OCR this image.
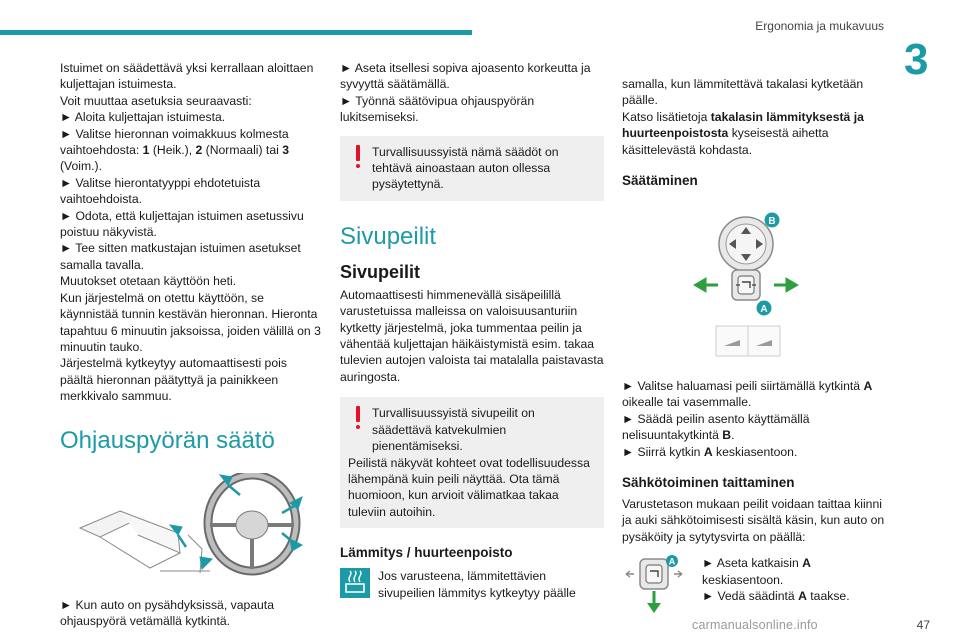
Ergonomia ja mukavuus
3
Istuimet on säädettävä yksi kerrallaan aloittaen kuljettajan istuimesta.
Voit muuttaa asetuksia seuraavasti:
► Aloita kuljettajan istuimesta.
► Valitse hieronnan voimakkuus kolmesta vaihtoehdosta: 1 (Heik.), 2 (Normaali) tai 3 (Voim.).
► Valitse hierontatyyppi ehdotetuista vaihtoehdoista.
► Odota, että kuljettajan istuimen asetussivu poistuu näkyvistä.
► Tee sitten matkustajan istuimen asetukset samalla tavalla.
Muutokset otetaan käyttöön heti.
Kun järjestelmä on otettu käyttöön, se käynnistää tunnin kestävän hieronnan. Hieronta tapahtuu 6 minuutin jaksoissa, joiden välillä on 3 minuutin tauko.
Järjestelmä kytkeytyy automaattisesti pois päältä hieronnan päätyttyä ja painikkeen merkkivalo sammuu.
Ohjauspyörän säätö
► Kun auto on pysähdyksissä, vapauta ohjauspyörä vetämällä kytkintä.
► Aseta itsellesi sopiva ajoasento korkeutta ja syvyyttä säätämällä.
► Työnnä säätövipua ohjauspyörän lukitsemiseksi.
Turvallisuussyistä nämä säädöt on tehtävä ainoastaan auton ollessa pysäytettynä.
Sivupeilit
Sivupeilit
Automaattisesti himmenevällä sisäpeilillä varustetuissa malleissa on valoisuusanturiin kytketty järjestelmä, joka tummentaa peilin ja vähentää kuljettajan häikäistymistä esim. takaa tulevien autojen valoista tai matalalla paistavasta auringosta.
Turvallisuussyistä sivupeilit on säädettävä katvekulmien pienentämiseksi.
Peilistä näkyvät kohteet ovat todellisuudessa lähempänä kuin peili näyttää. Ota tämä huomioon, kun arvioit välimatkaa takaa tuleviin autoihin.
Lämmitys / huurteenpoisto
Jos varusteena, lämmitettävien sivupeilien lämmitys kytkeytyy päälle
samalla, kun lämmitettävä takalasi kytketään päälle.
Katso lisätietoja takalasin lämmityksestä ja huurteenpoistosta kyseisestä aihetta käsittelevästä kohdasta.
Säätäminen
B
A
► Valitse haluamasi peili siirtämällä kytkintä A oikealle tai vasemmalle.
► Säädä peilin asento käyttämällä nelisuuntakytkintä B.
► Siirrä kytkin A keskiasentoon.
Sähkötoiminen taittaminen
Varustetason mukaan peilit voidaan taittaa kiinni ja auki sähkötoimisesti sisältä käsin, kun auto on pysäköity ja sytytysvirta on päällä:
A ► Aseta katkaisin A keskiasentoon.
► Vedä säädintä A taakse.
carmanualsonline.info	47
